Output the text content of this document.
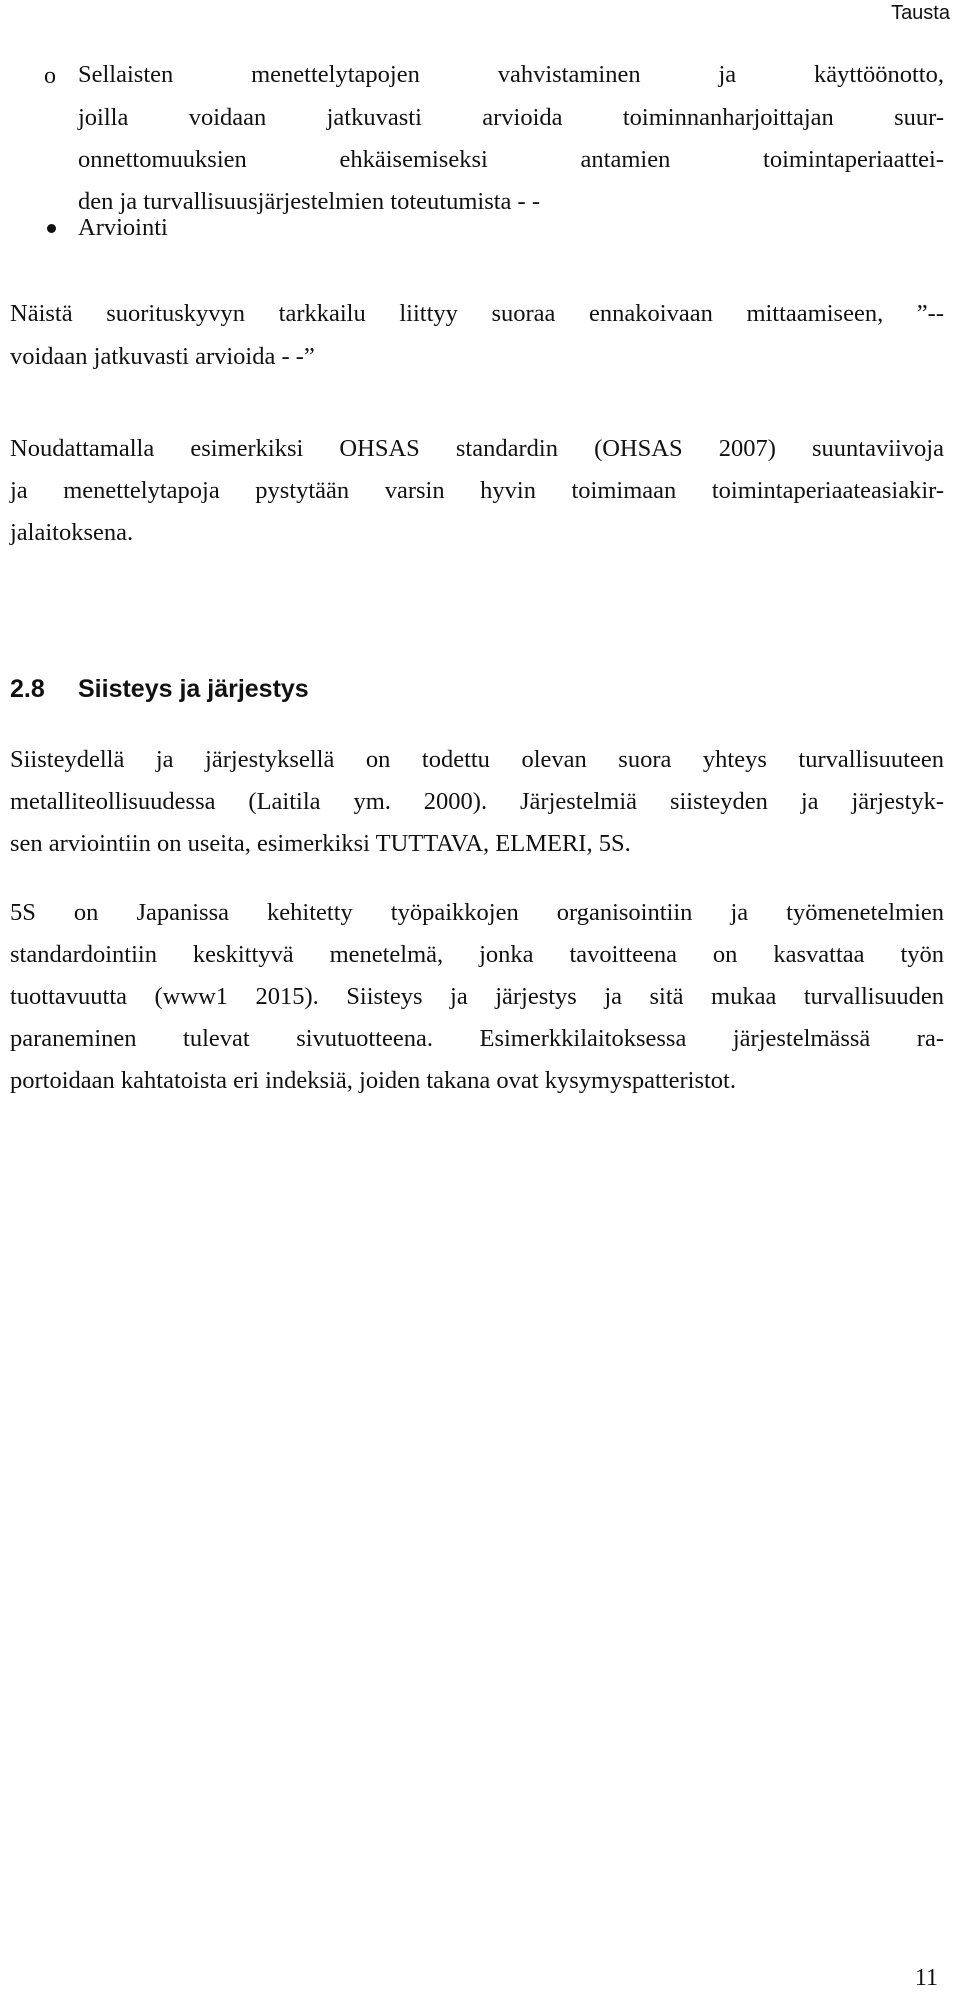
Tausta
o Sellaisten menettelytapojen vahvistaminen ja käyttöönotto,
joilla voidaan jatkuvasti arvioida toiminnanharjoittajan suur-
onnettomuuksien ehkäisemiseksi antamien toimintaperiaattei-
den ja turvallisuusjärjestelmien toteutumista - -
Arviointi
Näistä suorituskyvyn tarkkailu liittyy suoraa ennakoivaan mittaamiseen, ”--
voidaan jatkuvasti arvioida - -”
Noudattamalla esimerkiksi OHSAS standardin (OHSAS 2007) suuntaviivoja
ja menettelytapoja pystytään varsin hyvin toimimaan toimintaperiaateasiakir-
jalaitoksena.
2.8 Siisteys ja järjestys
Siisteydellä ja järjestyksellä on todettu olevan suora yhteys turvallisuuteen
metalliteollisuudessa (Laitila ym. 2000). Järjestelmiä siisteyden ja järjestyk-
sen arviointiin on useita, esimerkiksi TUTTAVA, ELMERI, 5S.
5S on Japanissa kehitetty työpaikkojen organisointiin ja työmenetelmien
standardointiin keskittyvä menetelmä, jonka tavoitteena on kasvattaa työn
tuottavuutta (www1 2015). Siisteys ja järjestys ja sitä mukaa turvallisuuden
paraneminen tulevat sivutuotteena. Esimerkkilaitoksessa järjestelmässä ra-
portoidaan kahtatoista eri indeksiä, joiden takana ovat kysymyspatteristot.
11
